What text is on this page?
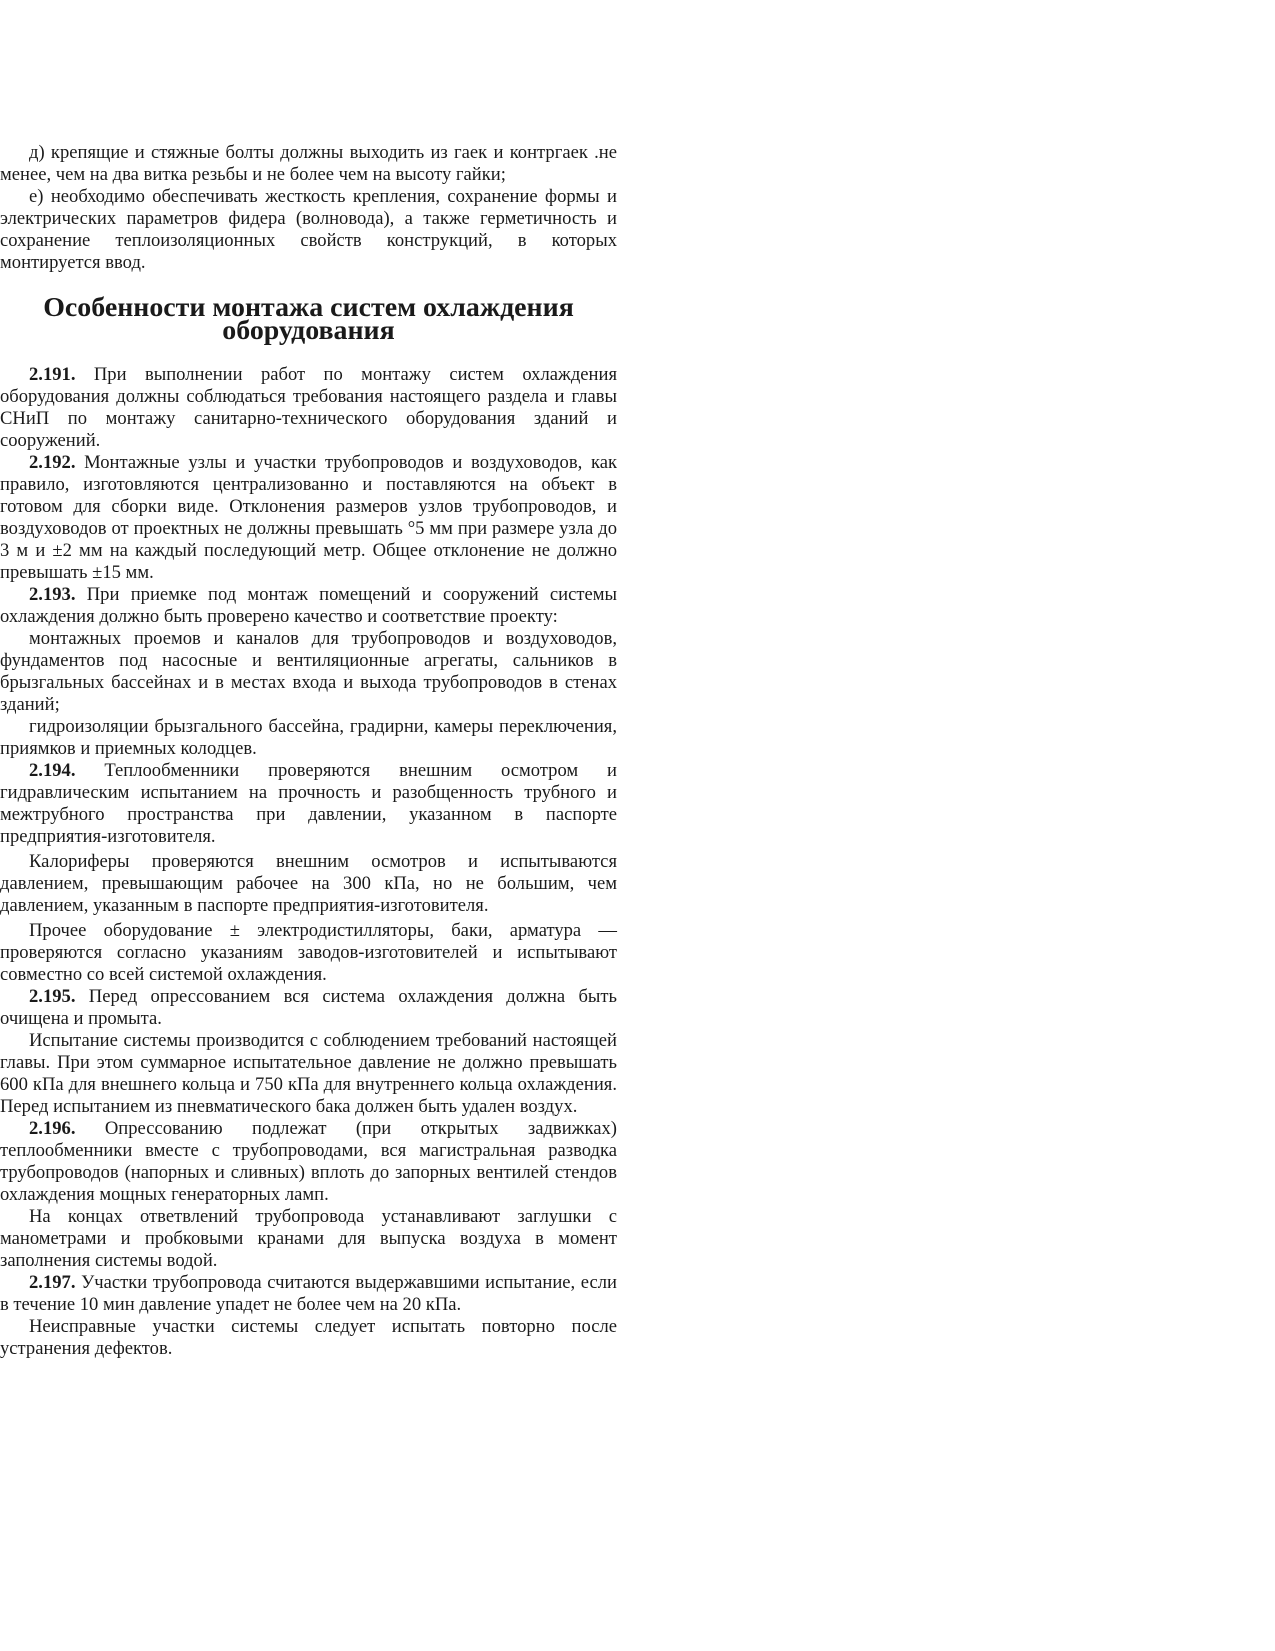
д) крепящие и стяжные болты должны выходить из гаек и контргаек .не менее, чем на два витка резьбы и не более чем на высоту гайки;

е) необходимо обеспечивать жесткость крепления, сохранение формы и электрических параметров фидера (волновода), а также герметичность и сохранение теплоизоляционных свойств конструкций, в которых монтируется ввод.

Особенности монтажа систем охлаждения
оборудования

2.191. При выполнении работ по монтажу систем охлаждения оборудования должны соблюдаться требования настоящего раздела и главы СНиП по монтажу санитарно-технического оборудования зданий и сооружений.

2.192. Монтажные узлы и участки трубопроводов и воздуховодов, как правило, изготовляются централизованно и поставляются на объект в готовом для сборки виде. Отклонения размеров узлов трубопроводов, и воздуховодов от проектных не должны превышать °5 мм при размере узла до 3 м и ±2 мм на каждый последующий метр. Общее отклонение не должно превышать ±15 мм.

2.193. При приемке под монтаж помещений и сооружений системы охлаждения должно быть проверено качество и соответствие проекту:

монтажных проемов и каналов для трубопроводов и воздуховодов, фундаментов под насосные и вентиляционные агрегаты, сальников в брызгальных бассейнах и в местах входа и выхода трубопроводов в стенах зданий;

гидроизоляции брызгального бассейна, градирни, камеры переключения, приямков и приемных колодцев.

2.194. Теплообменники проверяются внешним осмотром и гидравлическим испытанием на прочность и разобщенность трубного и межтрубного пространства при давлении, указанном в паспорте предприятия-изготовителя.

Калориферы проверяются внешним осмотров и испытываются давлением, превышающим рабочее на 300 кПа, но не большим, чем давлением, указанным в паспорте предприятия-изготовителя.

Прочее оборудование ± электродистилляторы, баки, арматура — проверяются согласно указаниям заводов-изготовителей и испытывают совместно со всей системой охлаждения.

2.195. Перед опрессованием вся система охлаждения должна быть очищена и промыта.

Испытание системы производится с соблюдением требований настоящей главы. При этом суммарное испытательное давление не должно превышать 600 кПа для внешнего кольца и 750 кПа для внутреннего кольца охлаждения. Перед испытанием из пневматического бака должен быть удален воздух.

2.196. Опрессованию подлежат (при открытых задвижках) теплообменники вместе с трубопроводами, вся магистральная разводка трубопроводов (напорных и сливных) вплоть до запорных вентилей стендов охлаждения мощных генераторных ламп.

На концах ответвлений трубопровода устанавливают заглушки с манометрами и пробковыми кранами для выпуска воздуха в момент заполнения системы водой.

2.197. Участки трубопровода считаются выдержавшими испытание, если в течение 10 мин давление упадет не более чем на 20 кПа.

Неисправные участки системы следует испытать повторно после устранения дефектов.
